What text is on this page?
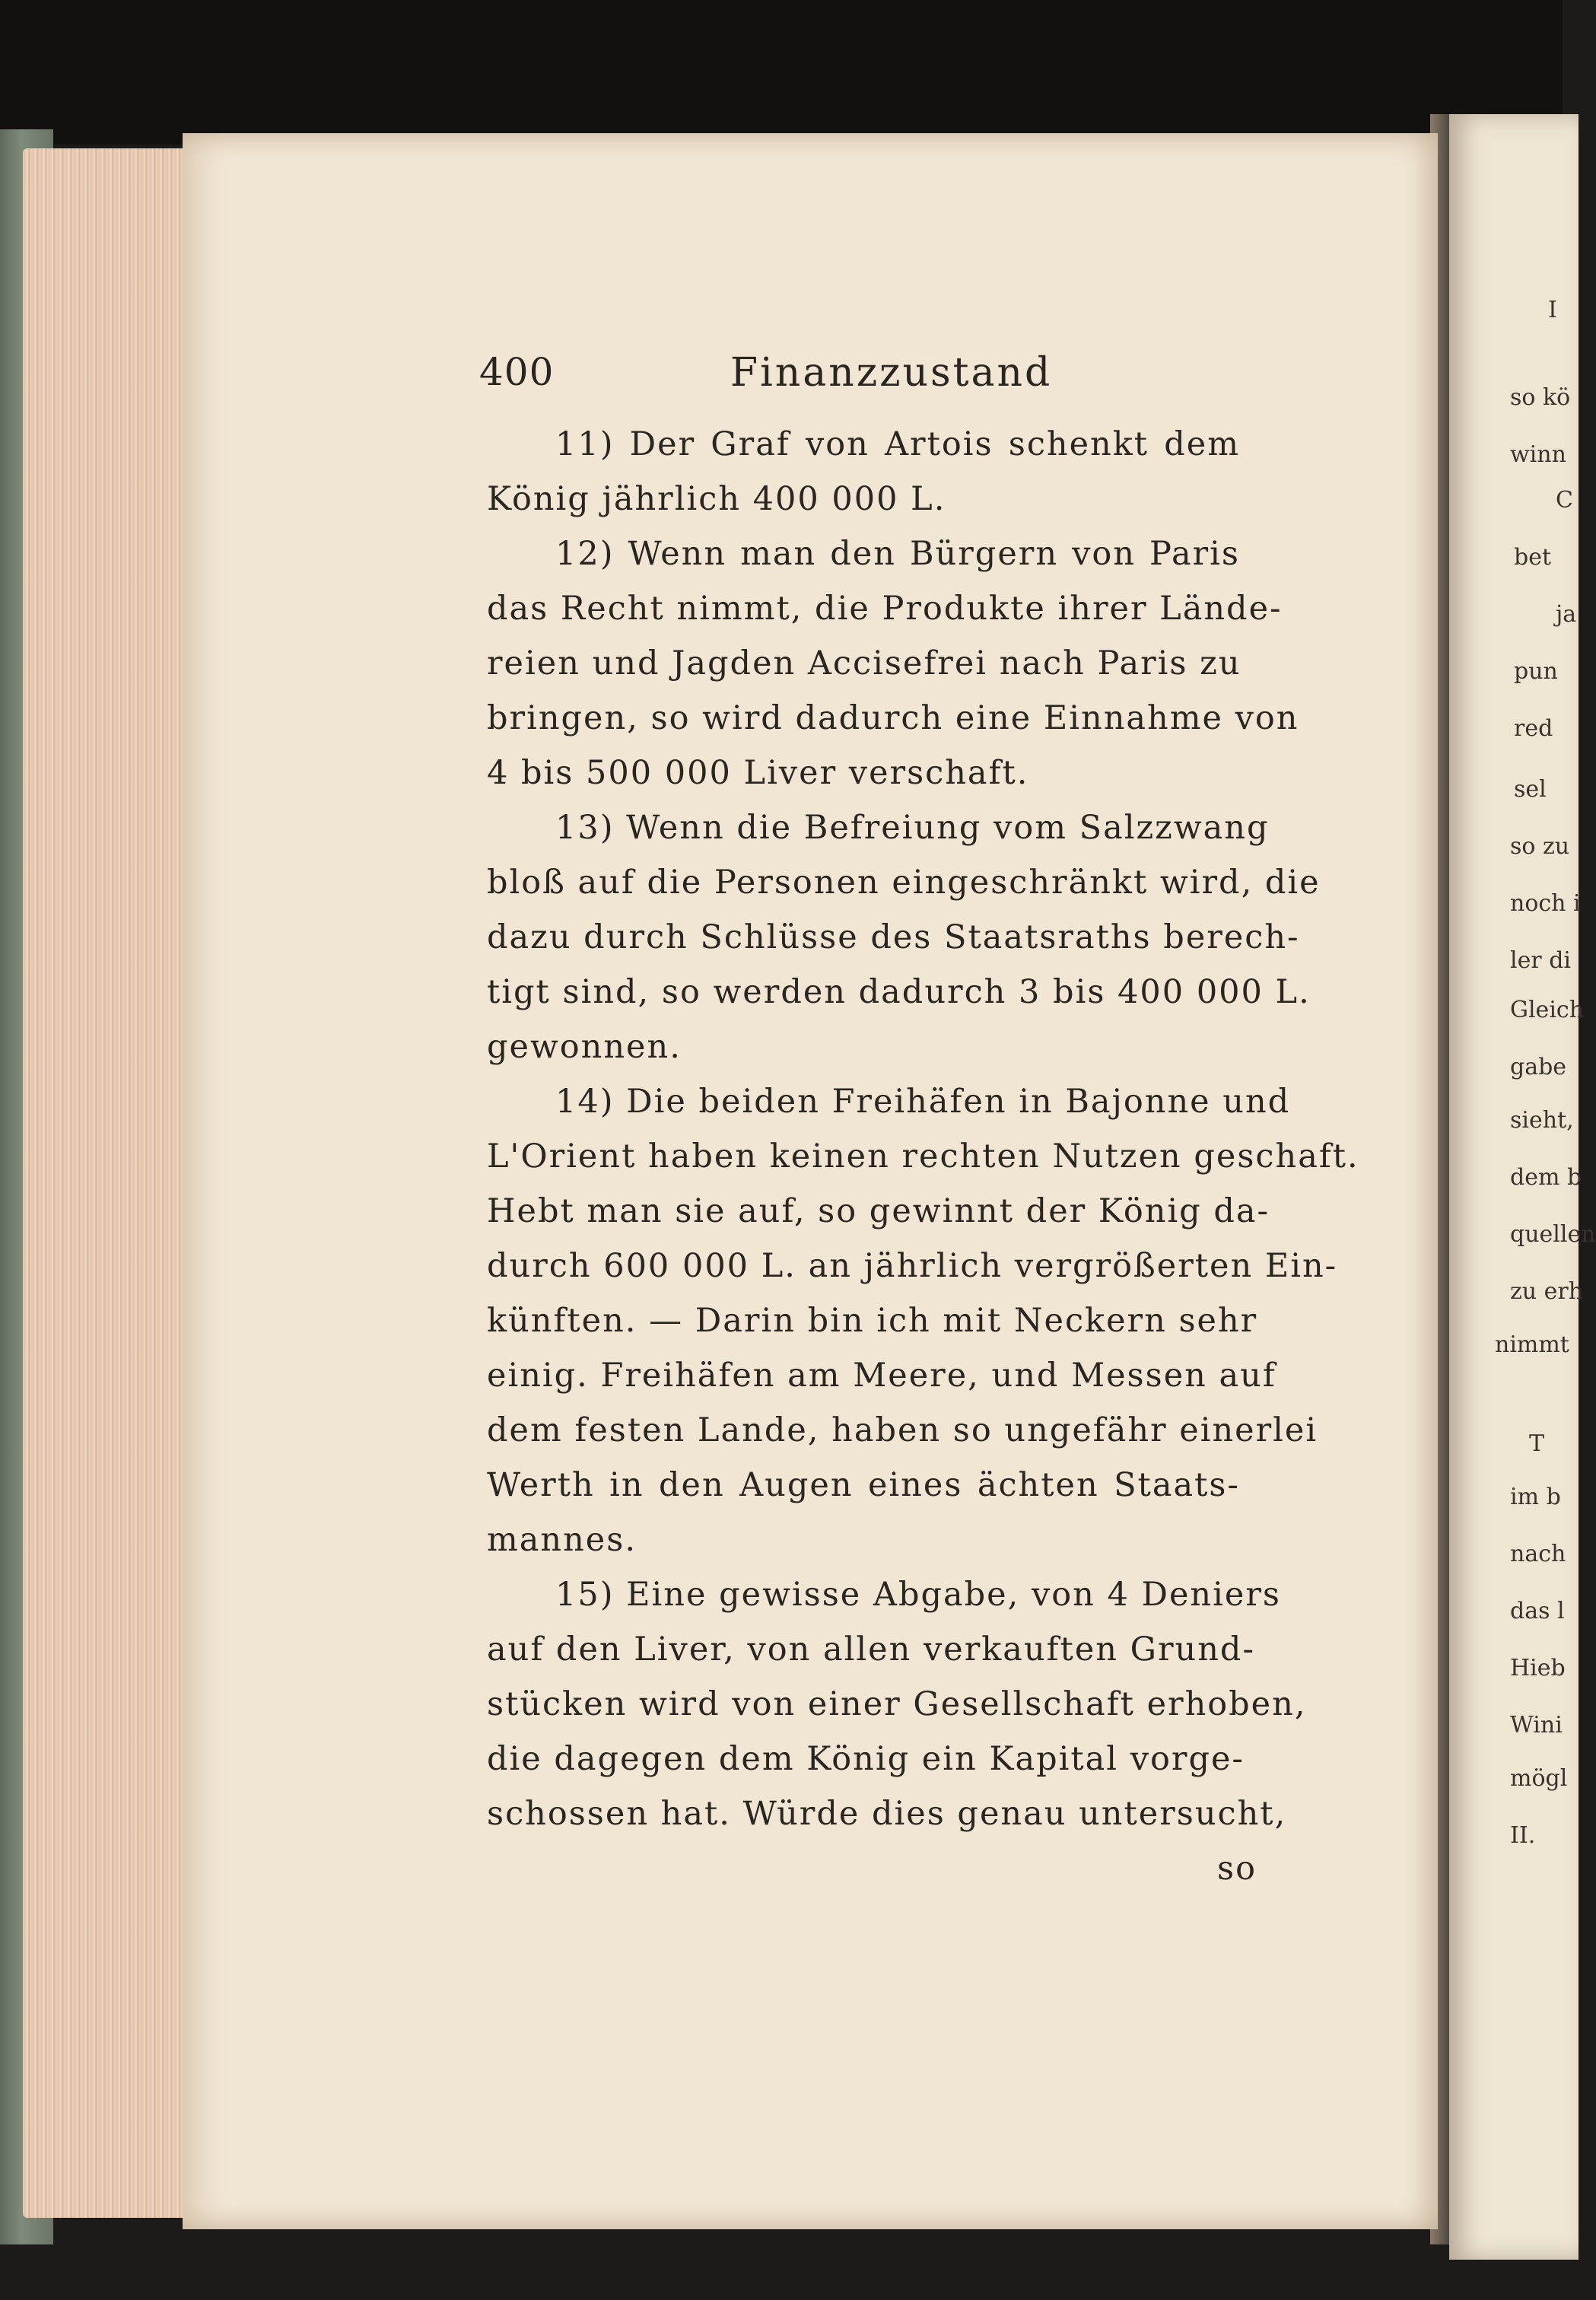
I
so kö
winn
C
bet
ja
pun
red
sel
so zu
noch i
ler di
Gleich
gabe
sieht,
dem b
quellen
zu erh
nimmt
T
im b
nach
das l
Hieb
Wini
mögl
II.
400	Finanzzustand
11) Der Graf von Artois schenkt dem
König jährlich 400 000 L.
12) Wenn man den Bürgern von Paris
das Recht nimmt, die Produkte ihrer Lände-
reien und Jagden Accisefrei nach Paris zu
bringen, so wird dadurch eine Einnahme von
4 bis 500 000 Liver verschaft.
13) Wenn die Befreiung vom Salzzwang
bloß auf die Personen eingeschränkt wird, die
dazu durch Schlüsse des Staatsraths berech-
tigt sind, so werden dadurch 3 bis 400 000 L.
gewonnen.
14) Die beiden Freihäfen in Bajonne und
L'Orient haben keinen rechten Nutzen geschaft.
Hebt man sie auf, so gewinnt der König da-
durch 600 000 L. an jährlich vergrößerten Ein-
künften. — Darin bin ich mit Neckern sehr
einig. Freihäfen am Meere, und Messen auf
dem festen Lande, haben so ungefähr einerlei
Werth in den Augen eines ächten Staats-
mannes.
15) Eine gewisse Abgabe, von 4 Deniers
auf den Liver, von allen verkauften Grund-
stücken wird von einer Gesellschaft erhoben,
die dagegen dem König ein Kapital vorge-
schossen hat. Würde dies genau untersucht,
so
